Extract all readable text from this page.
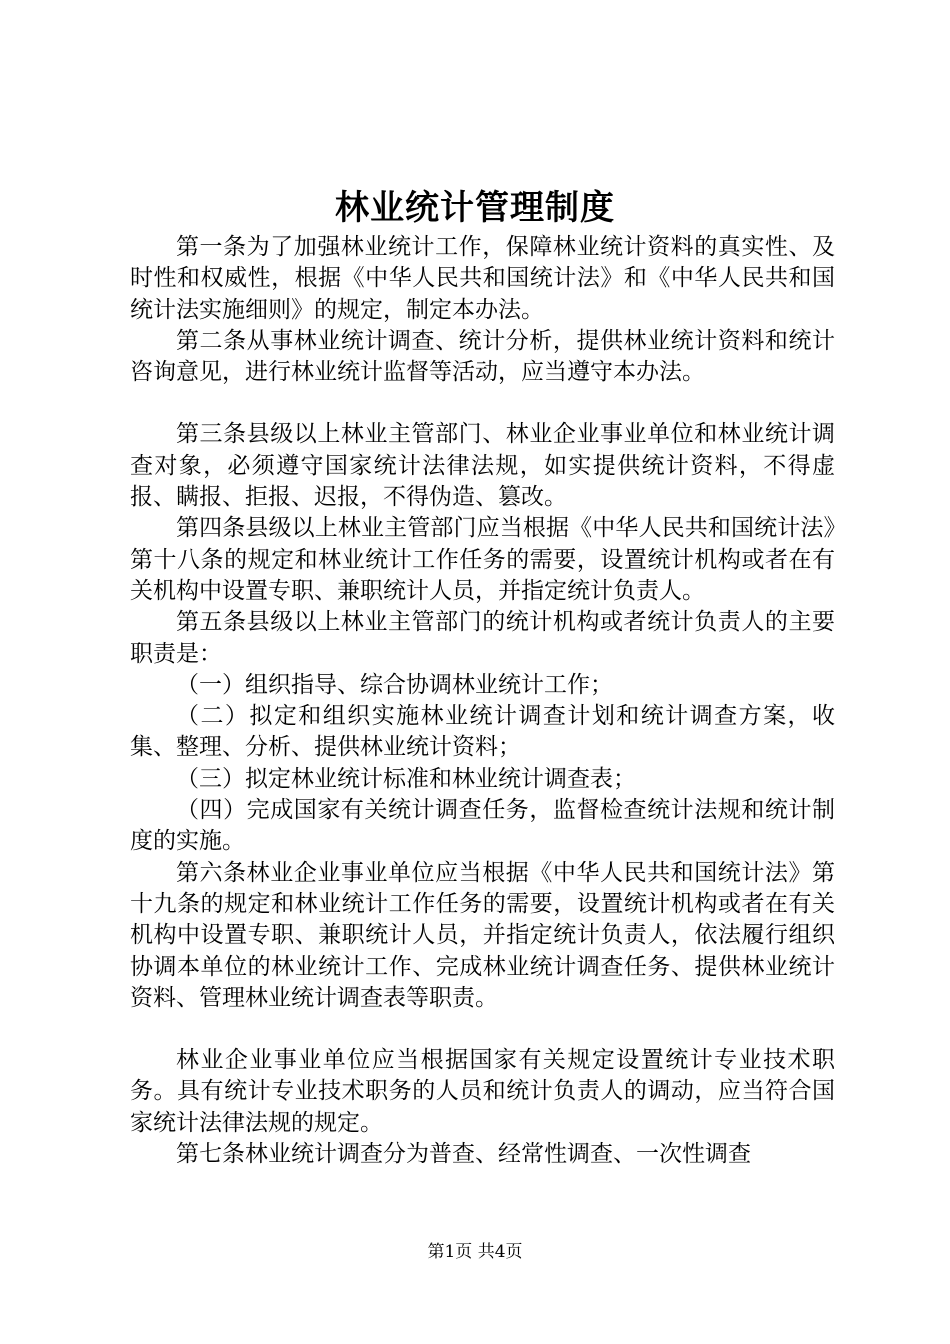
林业统计管理制度

第一条为了加强林业统计工作，保障林业统计资料的真实性、及时性和权威性，根据《中华人民共和国统计法》和《中华人民共和国统计法实施细则》的规定，制定本办法。

第二条从事林业统计调查、统计分析，提供林业统计资料和统计咨询意见，进行林业统计监督等活动，应当遵守本办法。

第三条县级以上林业主管部门、林业企业事业单位和林业统计调查对象，必须遵守国家统计法律法规，如实提供统计资料，不得虚报、瞒报、拒报、迟报，不得伪造、篡改。

第四条县级以上林业主管部门应当根据《中华人民共和国统计法》第十八条的规定和林业统计工作任务的需要，设置统计机构或者在有关机构中设置专职、兼职统计人员，并指定统计负责人。

第五条县级以上林业主管部门的统计机构或者统计负责人的主要职责是：

（一）组织指导、综合协调林业统计工作；

（二）拟定和组织实施林业统计调查计划和统计调查方案，收集、整理、分析、提供林业统计资料；

（三）拟定林业统计标准和林业统计调查表；

（四）完成国家有关统计调查任务，监督检查统计法规和统计制度的实施。

第六条林业企业事业单位应当根据《中华人民共和国统计法》第十九条的规定和林业统计工作任务的需要，设置统计机构或者在有关机构中设置专职、兼职统计人员，并指定统计负责人，依法履行组织协调本单位的林业统计工作、完成林业统计调查任务、提供林业统计资料、管理林业统计调查表等职责。

林业企业事业单位应当根据国家有关规定设置统计专业技术职务。具有统计专业技术职务的人员和统计负责人的调动，应当符合国家统计法律法规的规定。

第七条林业统计调查分为普查、经常性调查、一次性调查

第1页 共4页
